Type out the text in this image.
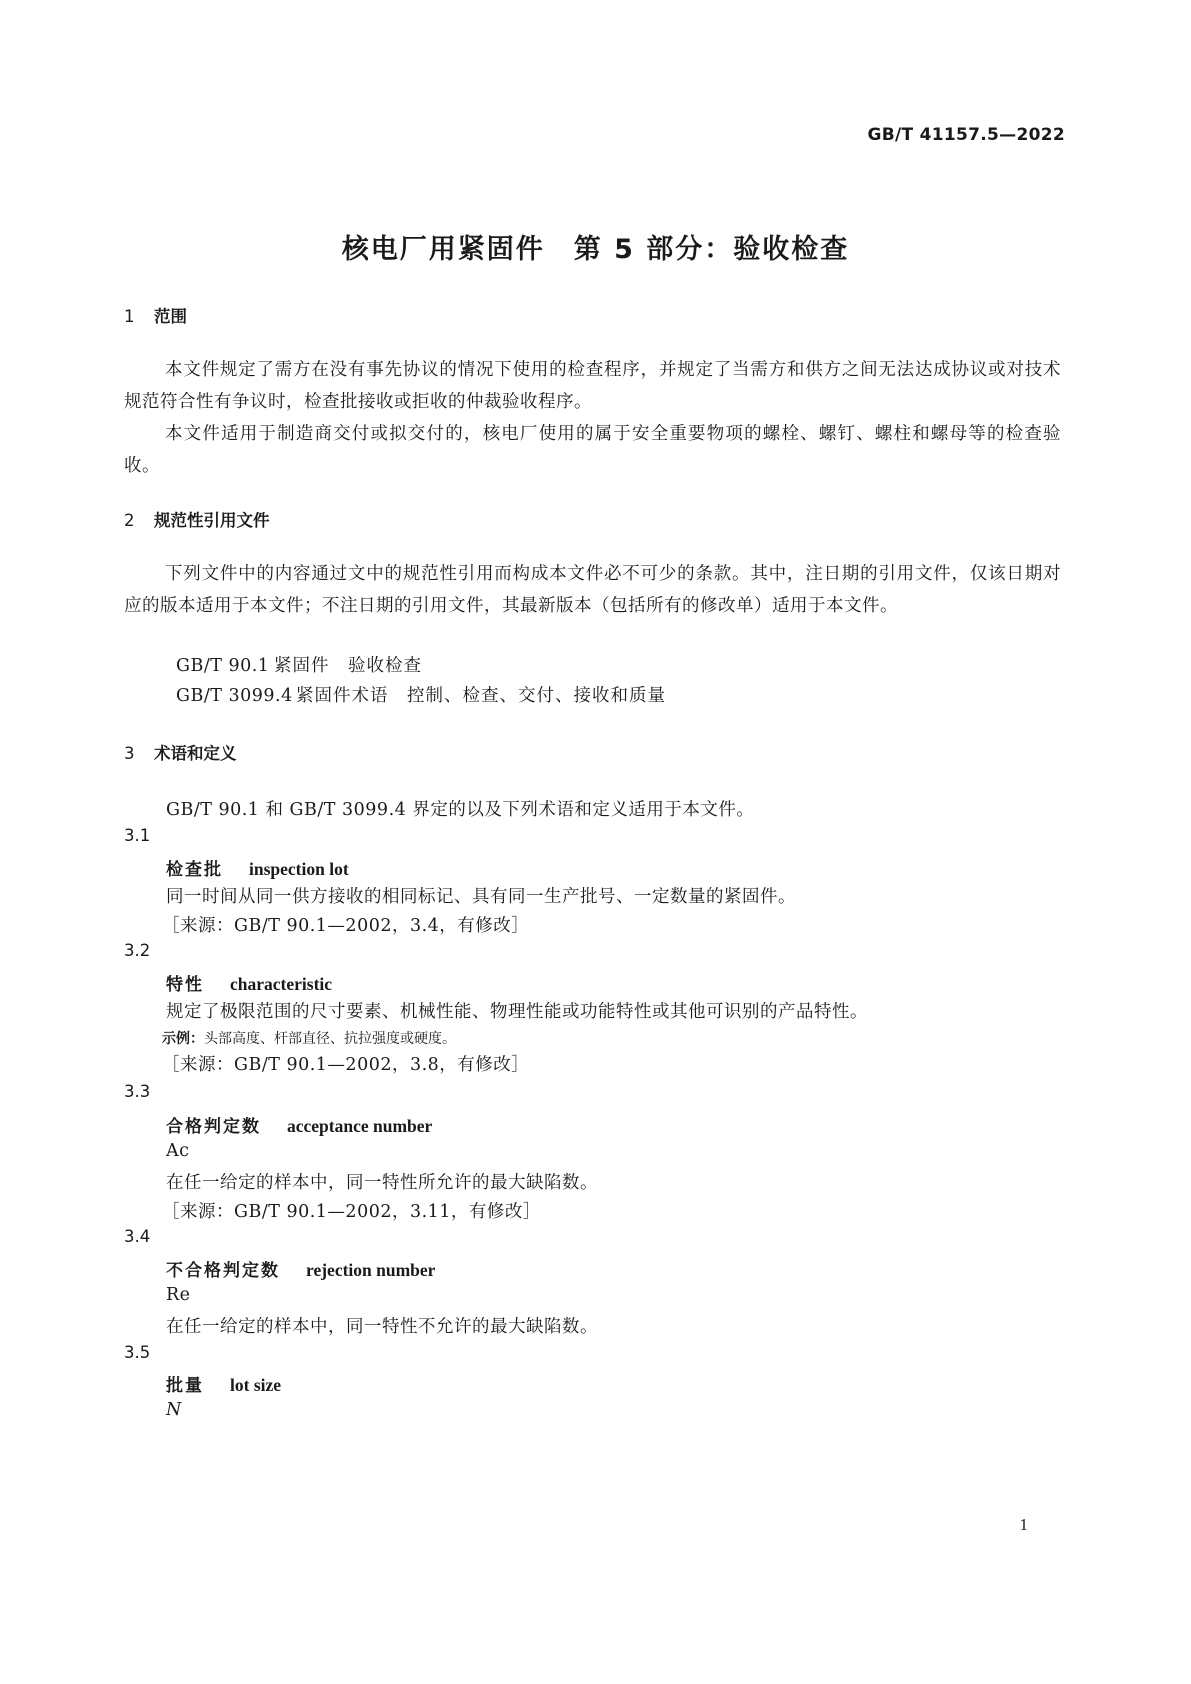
GB/T 41157.5—2022
核电厂用紧固件　第 5 部分：验收检查
1 范围
本文件规定了需方在没有事先协议的情况下使用的检查程序，并规定了当需方和供方之间无法达成协议或对技术规范符合性有争议时，检查批接收或拒收的仲裁验收程序。
本文件适用于制造商交付或拟交付的，核电厂使用的属于安全重要物项的螺栓、螺钉、螺柱和螺母等的检查验收。
2 规范性引用文件
下列文件中的内容通过文中的规范性引用而构成本文件必不可少的条款。其中，注日期的引用文件，仅该日期对应的版本适用于本文件；不注日期的引用文件，其最新版本（包括所有的修改单）适用于本文件。
GB/T 90.1 紧固件　验收检查
GB/T 3099.4 紧固件术语　控制、检查、交付、接收和质量
3 术语和定义
GB/T 90.1 和 GB/T 3099.4 界定的以及下列术语和定义适用于本文件。
3.1
检查批 inspection lot
同一时间从同一供方接收的相同标记、具有同一生产批号、一定数量的紧固件。
［来源：GB/T 90.1—2002，3.4，有修改］
3.2
特性 characteristic
规定了极限范围的尺寸要素、机械性能、物理性能或功能特性或其他可识别的产品特性。
示例：头部高度、杆部直径、抗拉强度或硬度。
［来源：GB/T 90.1—2002，3.8，有修改］
3.3
合格判定数 acceptance number
Ac
在任一给定的样本中，同一特性所允许的最大缺陷数。
［来源：GB/T 90.1—2002，3.11，有修改］
3.4
不合格判定数 rejection number
Re
在任一给定的样本中，同一特性不允许的最大缺陷数。
3.5
批量 lot size
N
1
